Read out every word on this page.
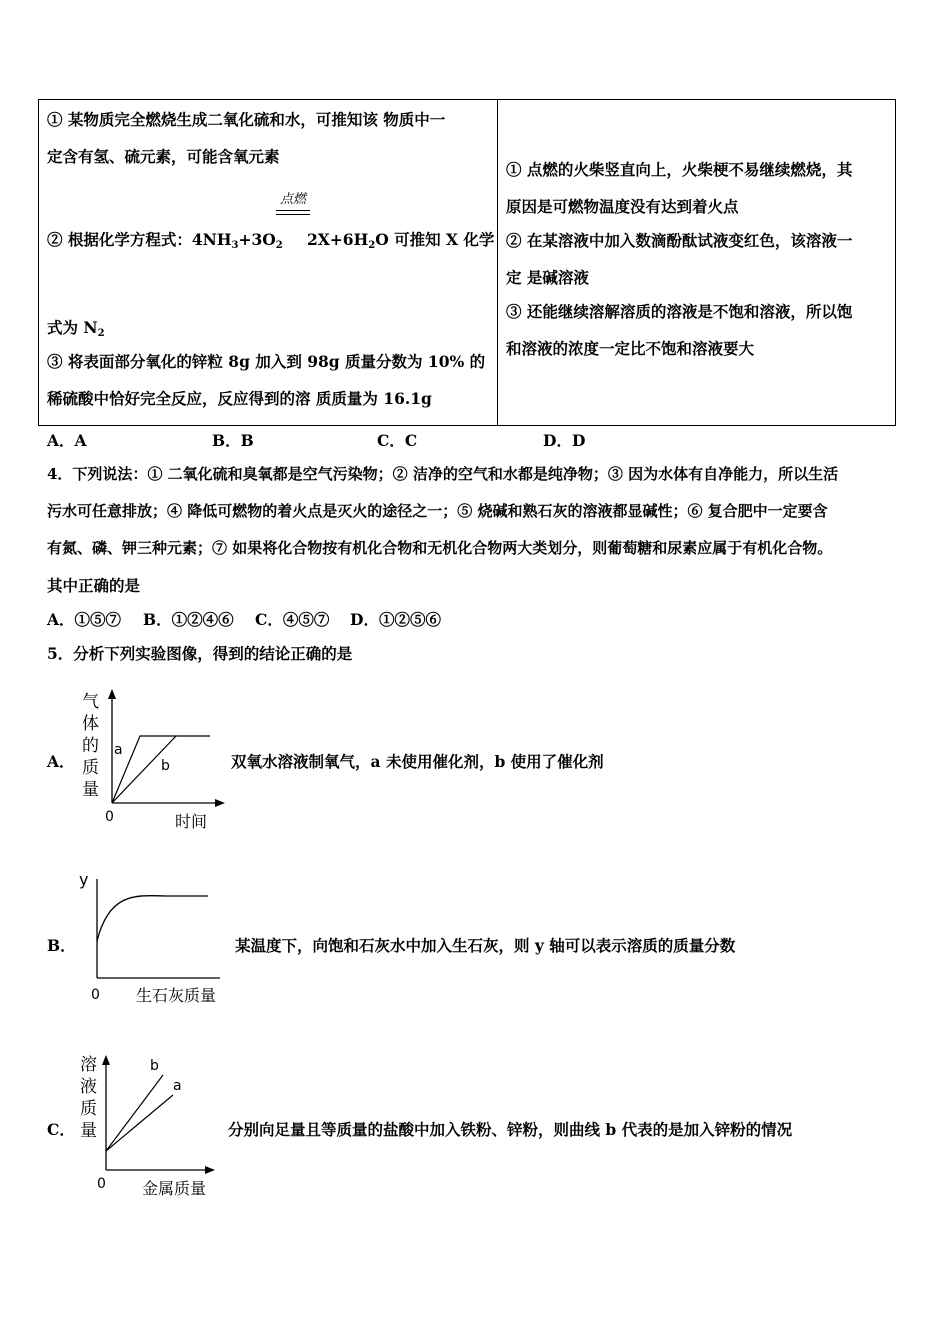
① 某物质完全燃烧生成二氧化硫和水，可推知该 物质中一
定含有氢、硫元素，可能含氧元素
点燃
② 根据化学方程式：$4NH_3+3O_2$ $2X+6H_2O$ 可推知 X 化学
式为 $N_2$
③ 将表面部分氧化的锌粒 8g 加入到 98g 质量分数为 10% 的
稀硫酸中恰好完全反应，反应得到的溶 质质量为 16.1g

① 点燃的火柴竖直向上，火柴梗不易继续燃烧，其
原因是可燃物温度没有达到着火点
② 在某溶液中加入数滴酚酞试液变红色，该溶液一
定 是碱溶液
③ 还能继续溶解溶质的溶液是不饱和溶液，所以饱
和溶液的浓度一定比不饱和溶液要大
A．A	B．B	C．C	D．D
4．下列说法：① 二氧化硫和臭氧都是空气污染物；② 洁净的空气和水都是纯净物；③ 因为水体有自净能力，所以生活
污水可任意排放；④ 降低可燃物的着火点是灭火的途径之一；⑤ 烧碱和熟石灰的溶液都显碱性；⑥ 复合肥中一定要含
有氮、磷、钾三种元素；⑦ 如果将化合物按有机化合物和无机化合物两大类划分，则葡萄糖和尿素应属于有机化合物。
其中正确的是
A．①⑤⑦ B．①②④⑥ C．④⑤⑦ D．①②⑤⑥
5．分析下列实验图像，得到的结论正确的是
A．
a
b
0	时间
气
体
的
质
量
双氧水溶液制氧气，a 未使用催化剂，b 使用了催化剂
B．
y
0 生石灰质量
某温度下，向饱和石灰水中加入生石灰，则 y 轴可以表示溶质的质量分数
C．
b
a
0 金属质量
溶
液
质
量	分别向足量且等质量的盐酸中加入铁粉、锌粉，则曲线 b 代表的是加入锌粉的情况
